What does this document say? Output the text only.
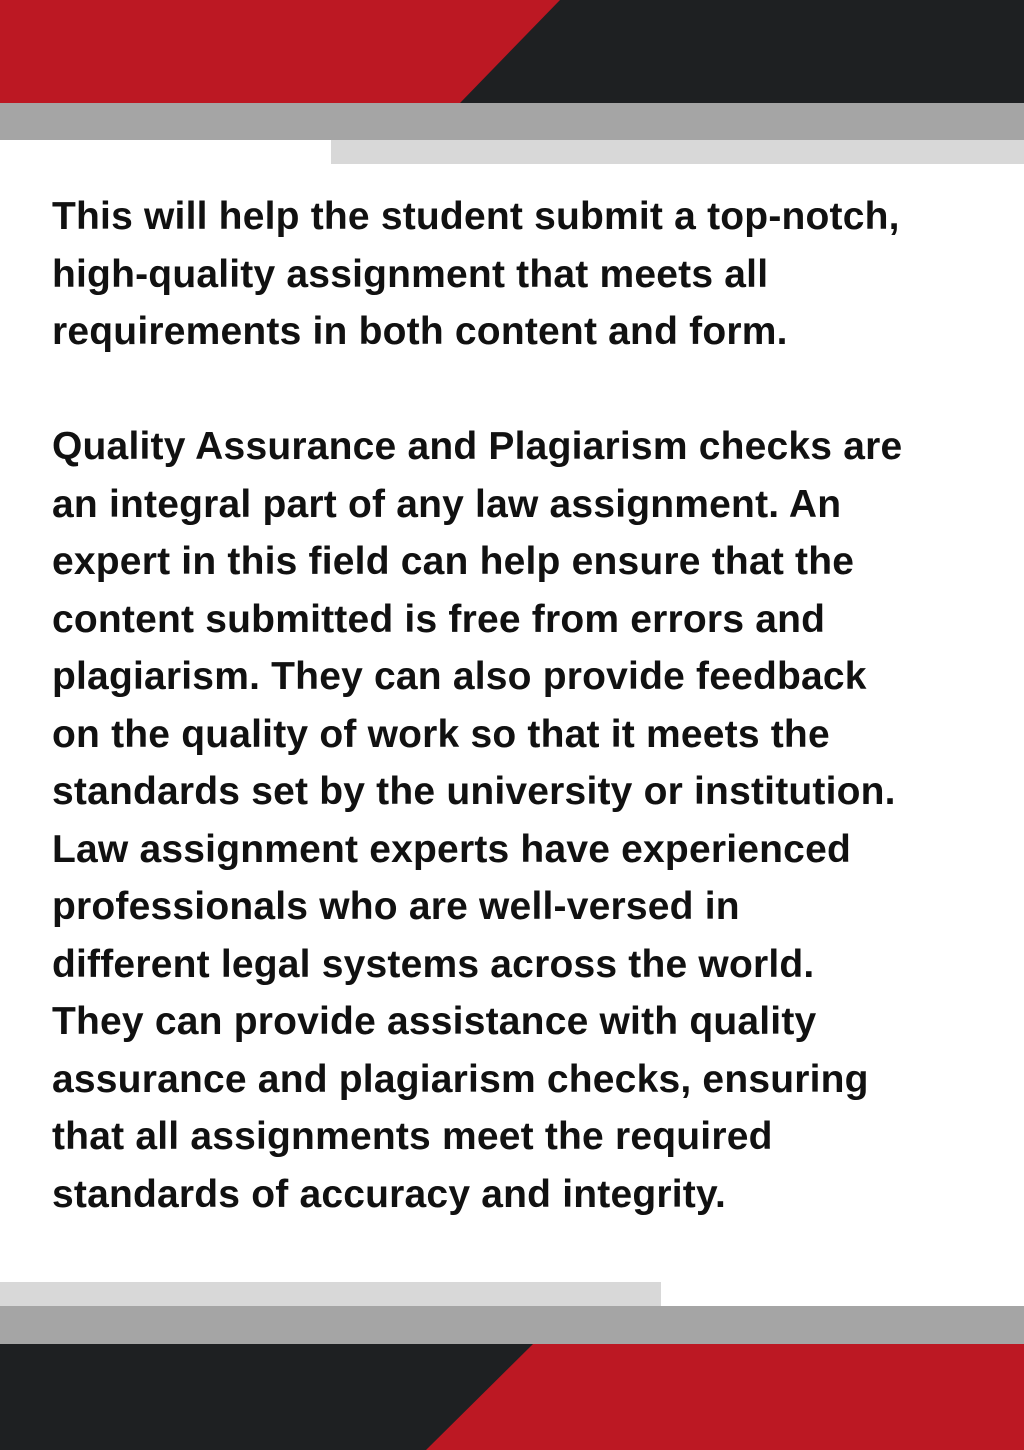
This will help the student submit a top-notch,
high-quality assignment that meets all
requirements in both content and form.

Quality Assurance and Plagiarism checks are
an integral part of any law assignment. An
expert in this field can help ensure that the
content submitted is free from errors and
plagiarism. They can also provide feedback
on the quality of work so that it meets the
standards set by the university or institution.
Law assignment experts have experienced
professionals who are well-versed in
different legal systems across the world.
They can provide assistance with quality
assurance and plagiarism checks, ensuring
that all assignments meet the required
standards of accuracy and integrity.
